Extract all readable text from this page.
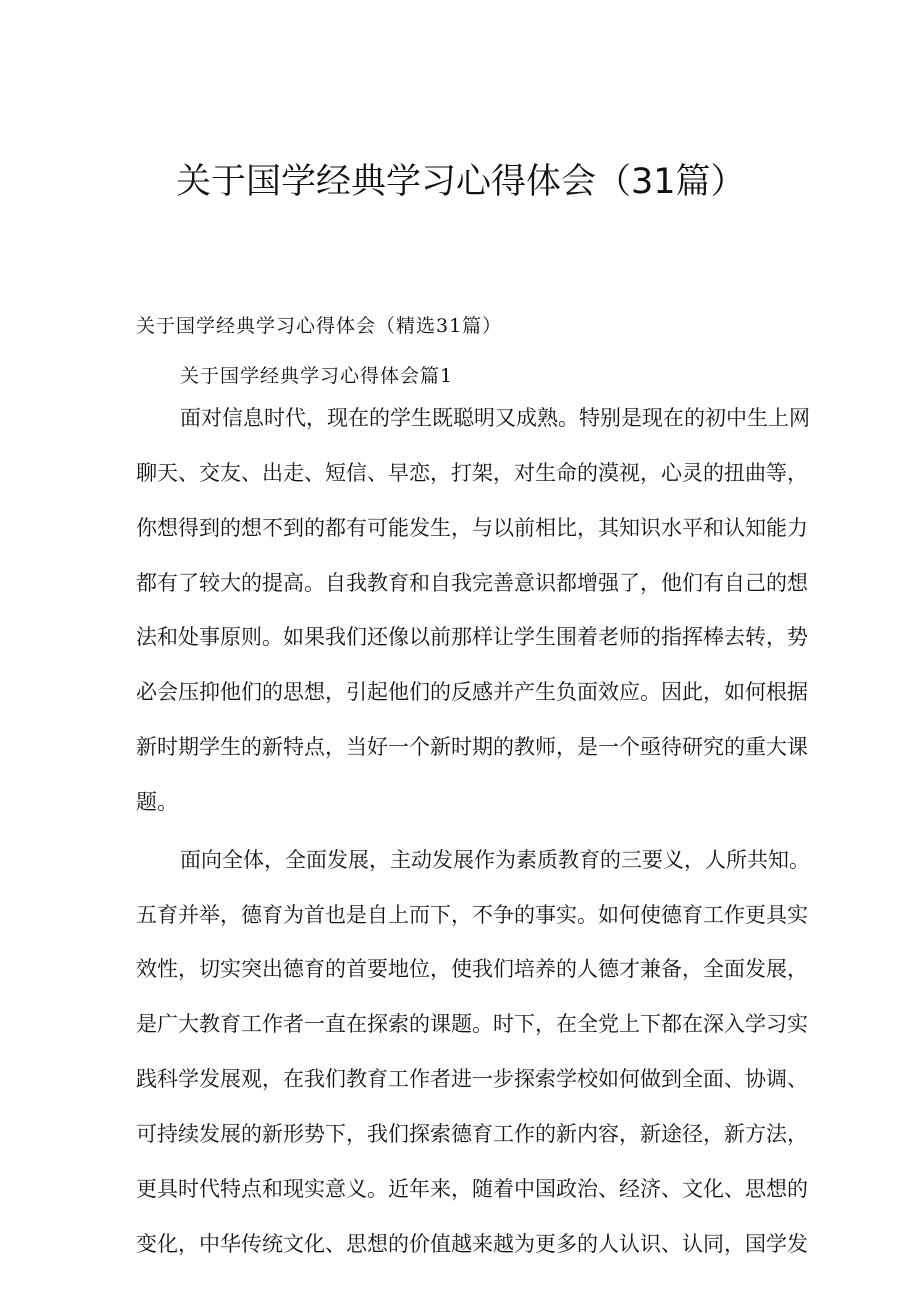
关于国学经典学习心得体会（31篇）
关于国学经典学习心得体会（精选31篇）
关于国学经典学习心得体会篇1
面对信息时代，现在的学生既聪明又成熟。特别是现在的初中生上网
聊天、交友、出走、短信、早恋，打架，对生命的漠视，心灵的扭曲等，
你想得到的想不到的都有可能发生，与以前相比，其知识水平和认知能力
都有了较大的提高。自我教育和自我完善意识都增强了，他们有自己的想
法和处事原则。如果我们还像以前那样让学生围着老师的指挥棒去转，势
必会压抑他们的思想，引起他们的反感并产生负面效应。因此，如何根据
新时期学生的新特点，当好一个新时期的教师，是一个亟待研究的重大课
题。
面向全体，全面发展，主动发展作为素质教育的三要义，人所共知。
五育并举，德育为首也是自上而下，不争的事实。如何使德育工作更具实
效性，切实突出德育的首要地位，使我们培养的人德才兼备，全面发展，
是广大教育工作者一直在探索的课题。时下，在全党上下都在深入学习实
践科学发展观，在我们教育工作者进一步探索学校如何做到全面、协调、
可持续发展的新形势下，我们探索德育工作的新内容，新途径，新方法，
更具时代特点和现实意义。近年来，随着中国政治、经济、文化、思想的
变化，中华传统文化、思想的价值越来越为更多的人认识、认同，国学发
